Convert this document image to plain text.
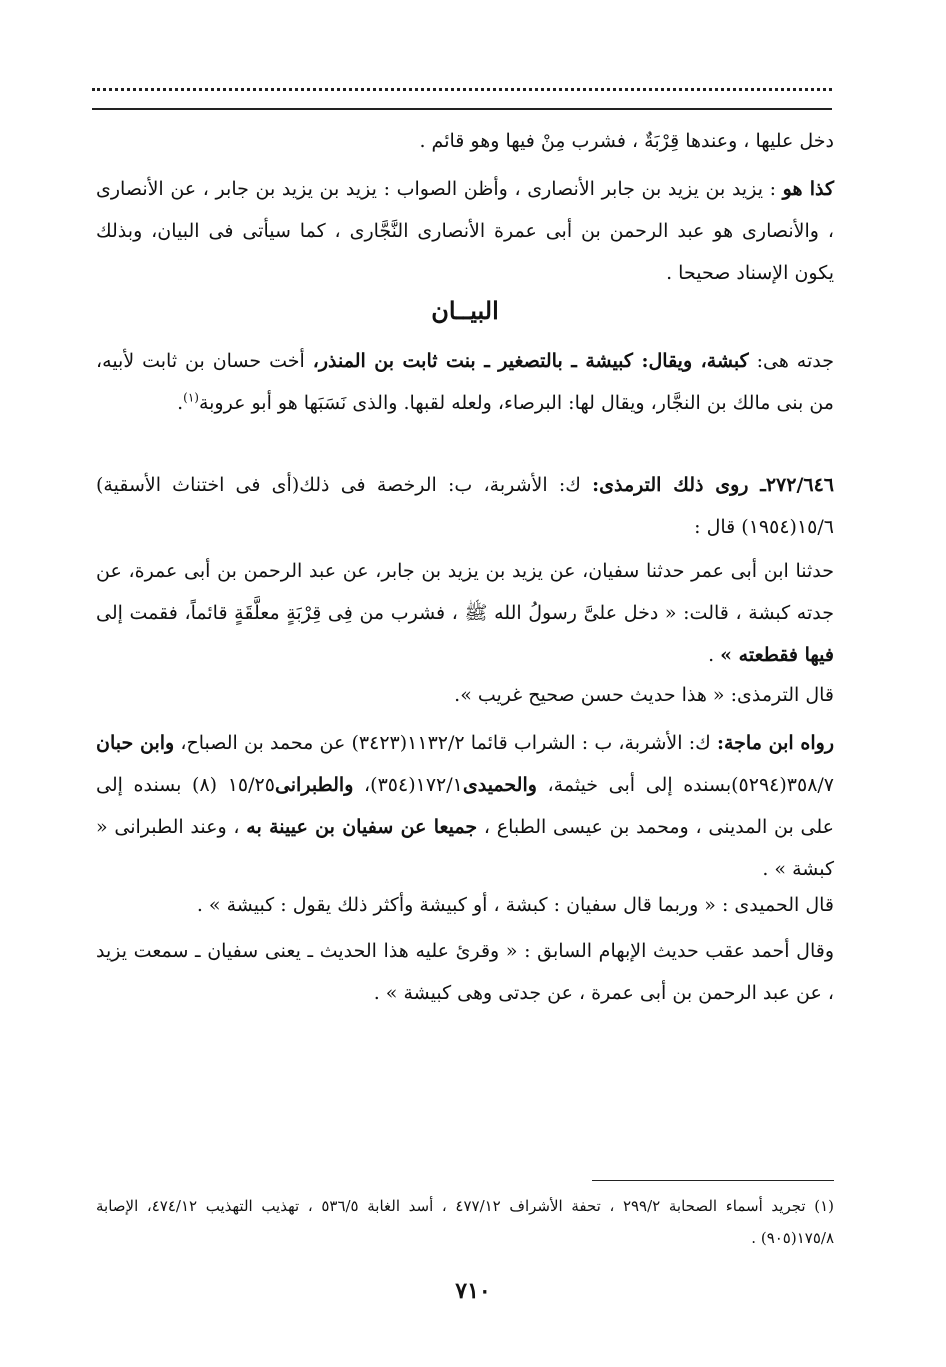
دخل عليها ، وعندها قِرْبَةٌ ، فشرب مِنْ فيها وهو قائم .

كذا هو : يزيد بن يزيد بن جابر الأنصارى ، وأظن الصواب : يزيد بن يزيد بن جابر ، عن الأنصارى ، والأنصارى هو عبد الرحمن بن أبى عمرة الأنصارى النَّجَّارى ، كما سيأتى فى البيان، وبذلك يكون الإسناد صحيحا .

البيــان

جدته هى: كبشة، ويقال: كبيشة ـ بالتصغير ـ بنت ثابت بن المنذر، أخت حسان بن ثابت لأبيه، من بنى مالك بن النجَّار، ويقال لها: البرصاء، ولعله لقبها. والذى نَسَبَها هو أبو عروبة$^{(١)}$.

٢٧٢/٦٤٦ـ روى ذلك الترمذى: ك: الأشربة، ب: الرخصة فى ذلك(أى فى اختناث الأسقية) ١٥/٦(١٩٥٤) قال :

حدثنا ابن أبى عمر حدثنا سفيان، عن يزيد بن يزيد بن جابر، عن عبد الرحمن بن أبى عمرة، عن جدته كبشة ، قالت: « دخل علىَّ رسولُ الله ﷺ ، فشرب من فِى قِرْبَةٍ معلَّقَةٍ قائماً، فقمت إلى فيها فقطعته » .

قال الترمذى: « هذا حديث حسن صحيح غريب ».

رواه ابن ماجة: ك: الأشربة، ب : الشراب قائما ١١٣٢/٢(٣٤٢٣) عن محمد بن الصباح، وابن حبان ٣٥٨/٧(٥٢٩٤)بسنده إلى أبى خيثمة، والحميدى١٧٢/١(٣٥٤)، والطبرانى١٥/٢٥ (٨) بسنده إلى على بن المدينى ، ومحمد بن عيسى الطباع ، جميعا عن سفيان بن عيينة به ، وعند الطبرانى « كبشة » .

قال الحميدى : « وربما قال سفيان : كبشة ، أو كبيشة وأكثر ذلك يقول : كبيشة » .

وقال أحمد عقب حديث الإبهام السابق : « وقرئ عليه هذا الحديث ـ يعنى سفيان ـ سمعت يزيد ، عن عبد الرحمن بن أبى عمرة ، عن جدتى وهى كبيشة » .

(١) تجريد أسماء الصحابة ٢٩٩/٢ ، تحفة الأشراف ٤٧٧/١٢ ، أسد الغابة ٥٣٦/٥ ، تهذيب التهذيب ٤٧٤/١٢، الإصابة ١٧٥/٨(٩٠٥) .

٧١٠
